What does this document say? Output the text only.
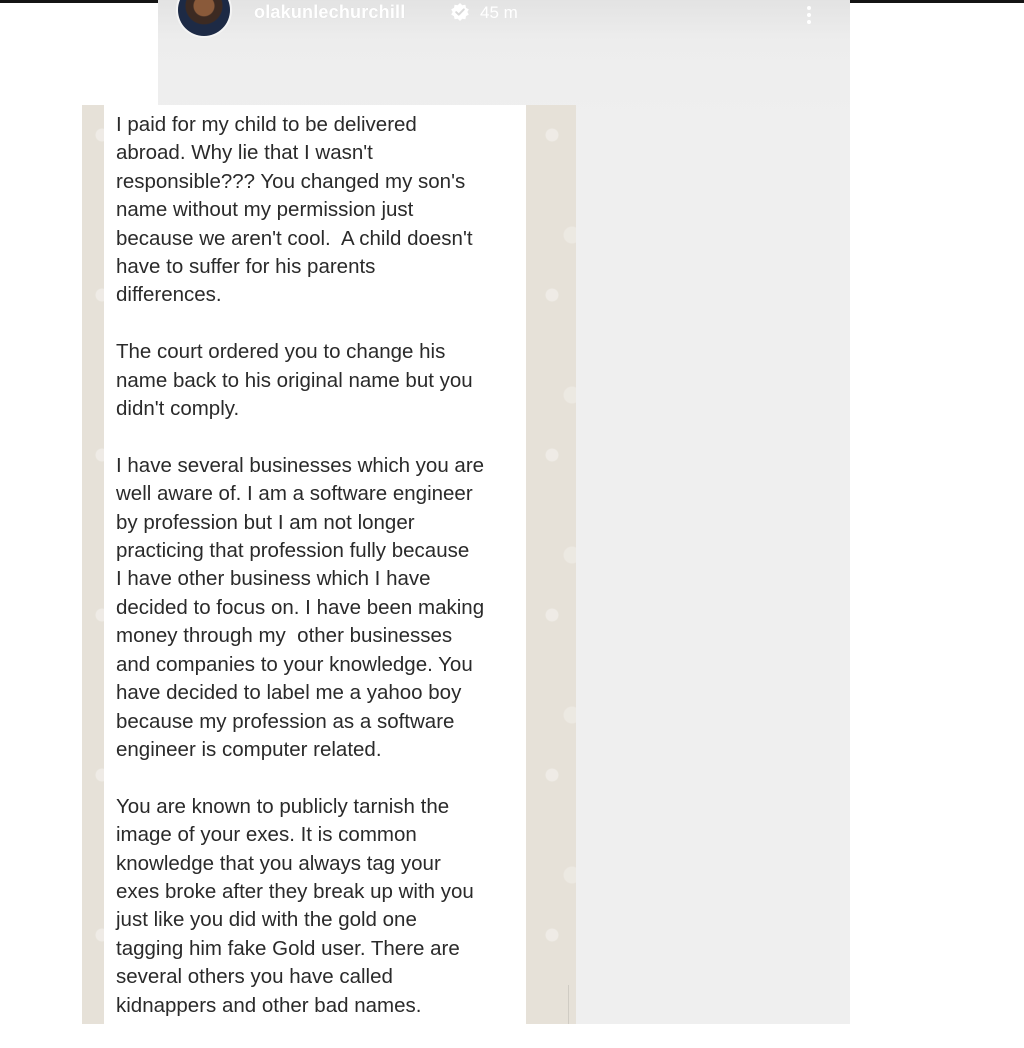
olakunlechurchill	45 m

I paid for my child to be delivered
abroad. Why lie that I wasn't
responsible??? You changed my son's
name without my permission just
because we aren't cool.  A child doesn't
have to suffer for his parents
differences.

The court ordered you to change his
name back to his original name but you
didn't comply.

I have several businesses which you are
well aware of. I am a software engineer
by profession but I am not longer
practicing that profession fully because
I have other business which I have
decided to focus on. I have been making
money through my  other businesses
and companies to your knowledge. You
have decided to label me a yahoo boy
because my profession as a software
engineer is computer related.

You are known to publicly tarnish the
image of your exes. It is common
knowledge that you always tag your
exes broke after they break up with you
just like you did with the gold one
tagging him fake Gold user. There are
several others you have called
kidnappers and other bad names.
